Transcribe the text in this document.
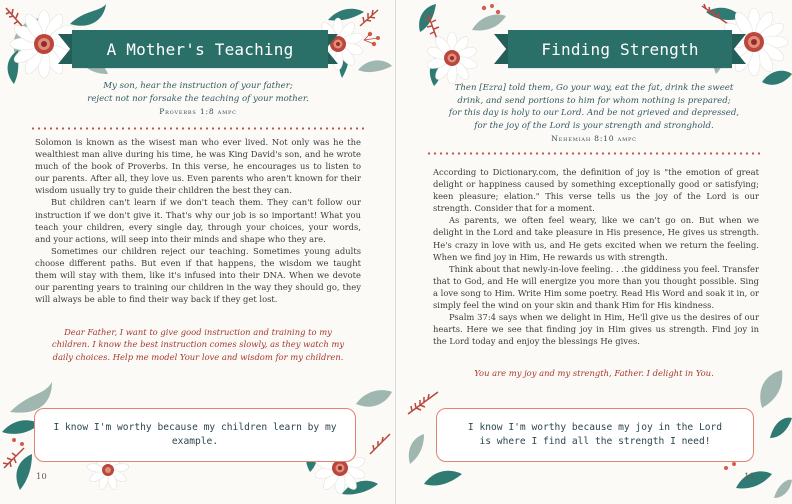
A Mother's Teaching
My son, hear the instruction of your father;
reject not nor forsake the teaching of your mother.
Proverbs 1:8 ampc

Solomon is known as the wisest man who ever lived. Not only was he the wealthiest man alive during his time, he was King David's son, and he wrote much of the book of Proverbs. In this verse, he encourages us to listen to our parents. After all, they love us. Even parents who aren't known for their wisdom usually try to guide their children the best they can.

But children can't learn if we don't teach them. They can't follow our instruction if we don't give it. That's why our job is so important! What you teach your children, every single day, through your choices, your words, and your actions, will seep into their minds and shape who they are.

Sometimes our children reject our teaching. Sometimes young adults choose different paths. But even if that happens, the wisdom we taught them will stay with them, like it's infused into their DNA. When we devote our parenting years to training our children in the way they should go, they will always be able to find their way back if they get lost.

Dear Father, I want to give good instruction and training to my
children. I know the best instruction comes slowly, as they watch my
daily choices. Help me model Your love and wisdom for my children.
I know I'm worthy because my children learn by my example.
10
Finding Strength
Then [Ezra] told them, Go your way, eat the fat, drink the sweet
drink, and send portions to him for whom nothing is prepared;
for this day is holy to our Lord. And be not grieved and depressed,
for the joy of the Lord is your strength and stronghold.
Nehemiah 8:10 ampc

According to Dictionary.com, the definition of joy is "the emotion of great delight or happiness caused by something exceptionally good or satisfying; keen pleasure; elation." This verse tells us the joy of the Lord is our strength. Consider that for a moment.

As parents, we often feel weary, like we can't go on. But when we delight in the Lord and take pleasure in His presence, He gives us strength. He's crazy in love with us, and He gets excited when we return the feeling. When we find joy in Him, He rewards us with strength.

Think about that newly-in-love feeling. . .the giddiness you feel. Transfer that to God, and He will energize you more than you thought possible. Sing a love song to Him. Write Him some poetry. Read His Word and soak it in, or simply feel the wind on your skin and thank Him for His kindness.

Psalm 37:4 says when we delight in Him, He'll give us the desires of our hearts. Here we see that finding joy in Him gives us strength. Find joy in the Lord today and enjoy the blessings He gives.

You are my joy and my strength, Father. I delight in You.
I know I'm worthy because my joy in the Lord
is where I find all the strength I need!
11
